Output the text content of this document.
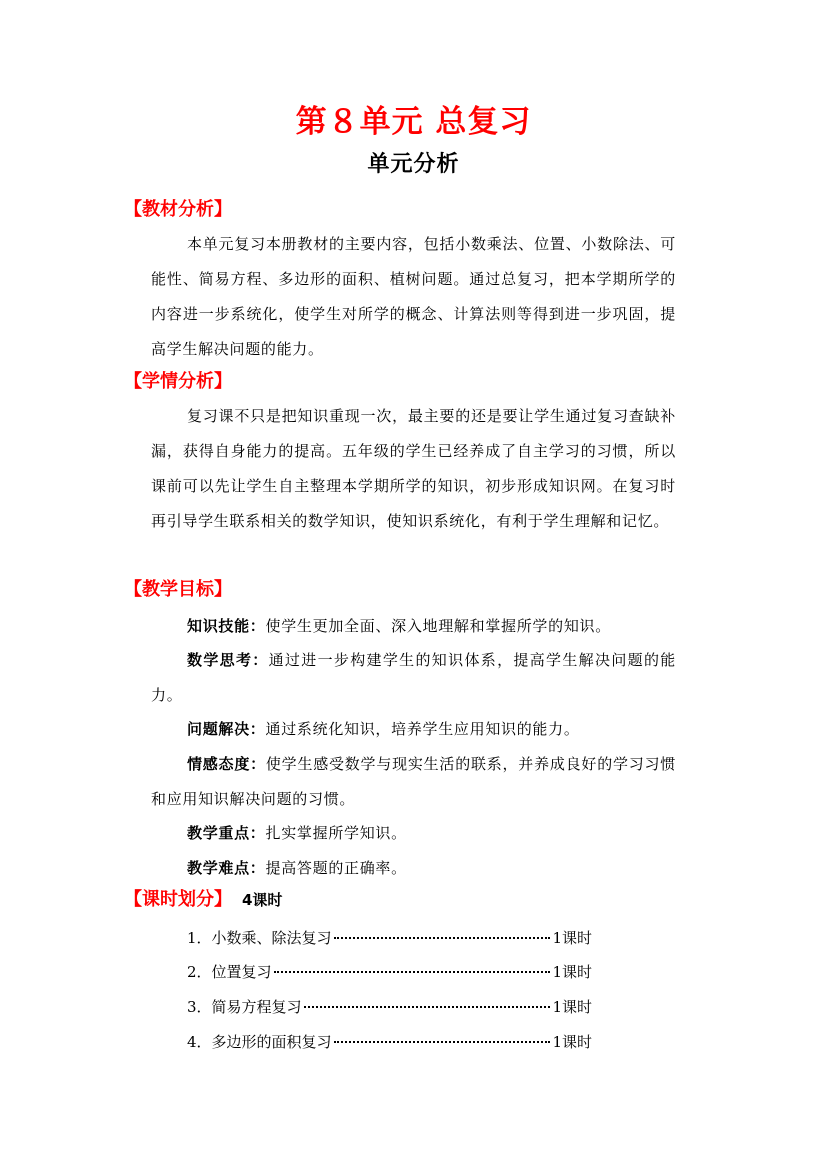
第８单元 总复习
单元分析
【教材分析】
本单元复习本册教材的主要内容，包括小数乘法、位置、小数除法、可能性、简易方程、多边形的面积、植树问题。通过总复习，把本学期所学的内容进一步系统化，使学生对所学的概念、计算法则等得到进一步巩固，提高学生解决问题的能力。
【学情分析】
复习课不只是把知识重现一次，最主要的还是要让学生通过复习查缺补漏，获得自身能力的提高。五年级的学生已经养成了自主学习的习惯，所以课前可以先让学生自主整理本学期所学的知识，初步形成知识网。在复习时再引导学生联系相关的数学知识，使知识系统化，有利于学生理解和记忆。
【教学目标】
知识技能：使学生更加全面、深入地理解和掌握所学的知识。
数学思考：通过进一步构建学生的知识体系，提高学生解决问题的能力。
问题解决：通过系统化知识，培养学生应用知识的能力。
情感态度：使学生感受数学与现实生活的联系，并养成良好的学习习惯和应用知识解决问题的习惯。
教学重点：扎实掌握所学知识。
教学难点：提高答题的正确率。
【课时划分】 4课时
1．小数乘、除法复习	1课时
2．位置复习	1课时
3．简易方程复习	1课时
4．多边形的面积复习	1课时
